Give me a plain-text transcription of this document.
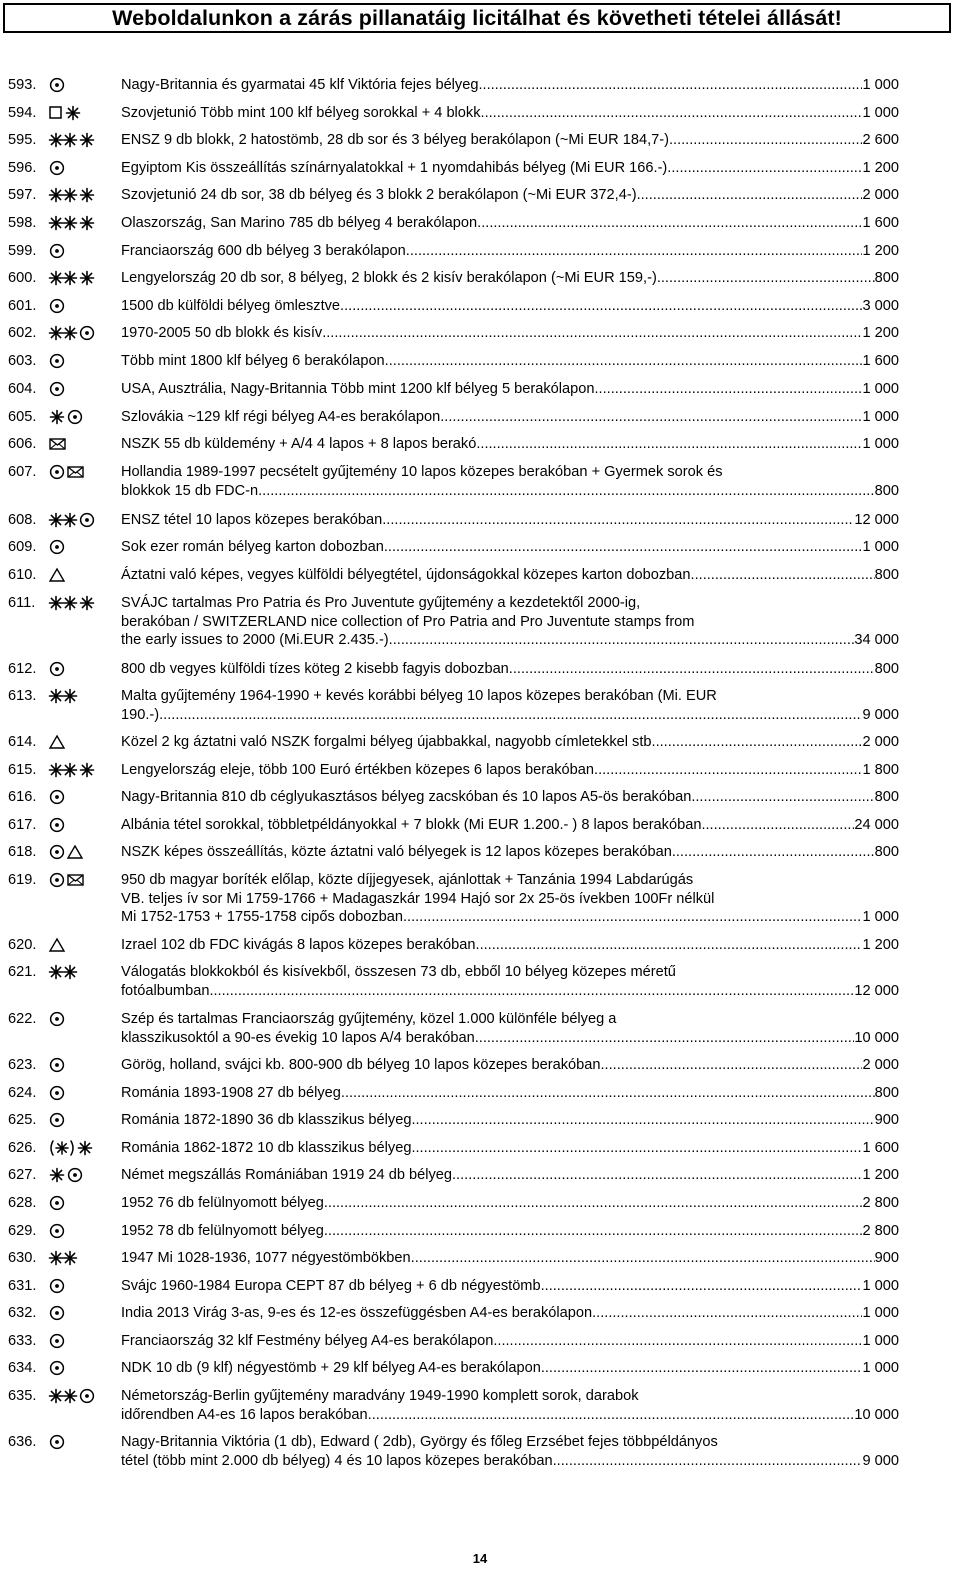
Weboldalunkon a zárás pillanatáig licitálhat és követheti tételei állását!
593.	Nagy-Britannia és gyarmatai 45 klf Viktória fejes bélyeg .....	1 000
594.	Szovjetunió Több mint 100 klf bélyeg sorokkal + 4 blokk .....	1 000
595.	ENSZ 9 db blokk, 2 hatostömb, 28 db sor és 3 bélyeg berakólapon (~Mi EUR 184,7-) .....	2 600
596.	Egyiptom Kis összeállítás színárnyalatokkal + 1 nyomdahibás bélyeg (Mi EUR 166.-) .....	1 200
597.	Szovjetunió 24 db sor, 38 db bélyeg és 3 blokk 2 berakólapon (~Mi EUR 372,4-) .....	2 000
598.	Olaszország, San Marino 785 db bélyeg 4 berakólapon .....	1 600
599.	Franciaország 600 db bélyeg 3 berakólapon .....	1 200
600.	Lengyelország 20 db sor, 8 bélyeg, 2 blokk és 2 kisív berakólapon (~Mi EUR 159,-) .....	800
601.	1500 db külföldi bélyeg ömlesztve .....	3 000
602.	1970-2005 50 db blokk és kisív .....	1 200
603.	Több mint 1800 klf bélyeg 6 berakólapon .....	1 600
604.	USA, Ausztrália, Nagy-Britannia Több mint 1200 klf bélyeg 5 berakólapon .....	1 000
605.	Szlovákia ~129 klf régi bélyeg A4-es berakólapon .....	1 000
606.	NSZK 55 db küldemény + A/4 4 lapos + 8 lapos berakó .....	1 000
607.	Hollandia 1989-1997 pecsételt gyűjtemény 10 lapos közepes berakóban + Gyermek sorok és
blokkok 15 db FDC-n .....	800
608.	ENSZ tétel 10 lapos közepes berakóban .....	12 000
609.	Sok ezer román bélyeg karton dobozban .....	1 000
610.	Áztatni való képes, vegyes külföldi bélyegtétel, újdonságokkal közepes karton dobozban .....	800
611.	SVÁJC tartalmas Pro Patria és Pro Juventute gyűjtemény a kezdetektől 2000-ig,
berakóban / SWITZERLAND nice collection of Pro Patria and Pro Juventute stamps from
the early issues to 2000 (Mi.EUR 2.435.-) .....	34 000
612.	800 db vegyes külföldi tízes köteg 2 kisebb fagyis dobozban .....	800
613.	Malta gyűjtemény 1964-1990 + kevés korábbi bélyeg 10 lapos közepes berakóban (Mi. EUR
190.-) .....	9 000
614.	Közel 2 kg áztatni való NSZK forgalmi bélyeg újabbakkal, nagyobb címletekkel stb. .....	2 000
615.	Lengyelország eleje, több 100 Euró értékben közepes 6 lapos berakóban .....	1 800
616.	Nagy-Britannia 810 db céglyukasztásos bélyeg zacskóban és 10 lapos A5-ös berakóban .....	800
617.	Albánia tétel sorokkal, többletpéldányokkal + 7 blokk (Mi EUR 1.200.- ) 8 lapos berakóban .....	24 000
618.	NSZK képes összeállítás, közte áztatni való bélyegek is 12 lapos közepes berakóban .....	800
619.	950 db magyar boríték előlap, közte díjjegyesek, ajánlottak + Tanzánia 1994 Labdarúgás
VB. teljes ív sor Mi 1759-1766 + Madagaszkár 1994 Hajó sor 2x 25-ös ívekben 100Fr nélkül
Mi 1752-1753 + 1755-1758 cipős dobozban .....	1 000
620.	Izrael 102 db FDC kivágás 8 lapos közepes berakóban .....	1 200
621.	Válogatás blokkokból és kisívekből, összesen 73 db, ebből 10 bélyeg közepes méretű
fotóalbumban .....	12 000
622.	Szép és tartalmas Franciaország gyűjtemény, közel 1.000 különféle bélyeg a
klasszikusoktól a 90-es évekig 10 lapos A/4 berakóban .....	10 000
623.	Görög, holland, svájci kb. 800-900 db bélyeg 10 lapos közepes berakóban .....	2 000
624.	Románia 1893-1908 27 db bélyeg .....	800
625.	Románia 1872-1890 36 db klasszikus bélyeg .....	900
626.	Románia 1862-1872 10 db klasszikus bélyeg .....	1 600
627.	Német megszállás Romániában 1919 24 db bélyeg .....	1 200
628.	1952 76 db felülnyomott bélyeg .....	2 800
629.	1952 78 db felülnyomott bélyeg .....	2 800
630.	1947 Mi 1028-1936, 1077 négyestömbökben .....	900
631.	Svájc 1960-1984 Europa CEPT 87 db bélyeg + 6 db négyestömb .....	1 000
632.	India 2013 Virág 3-as, 9-es és 12-es összefüggésben A4-es berakólapon .....	1 000
633.	Franciaország 32 klf Festmény bélyeg A4-es berakólapon .....	1 000
634.	NDK 10 db (9 klf) négyestömb + 29 klf bélyeg A4-es berakólapon .....	1 000
635.	Németország-Berlin gyűjtemény maradvány 1949-1990 komplett sorok, darabok
időrendben A4-es 16 lapos berakóban .....	10 000
636.	Nagy-Britannia Viktória (1 db), Edward ( 2db), György és főleg Erzsébet fejes többpéldányos
tétel (több mint 2.000 db bélyeg) 4 és 10 lapos közepes berakóban .....	9 000
14
